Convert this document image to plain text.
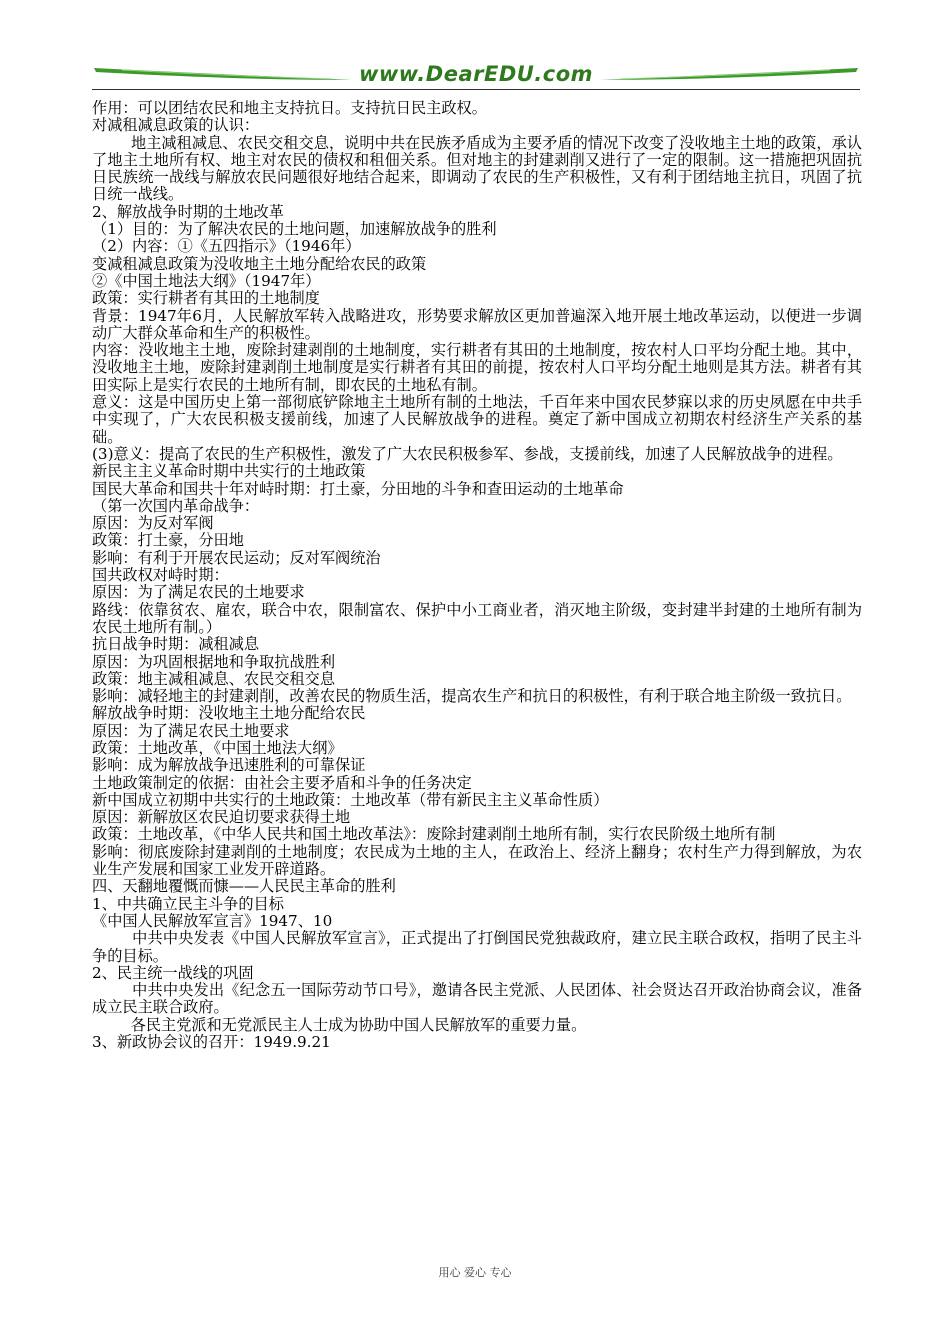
www.DearEDU.com
作用：可以团结农民和地主支持抗日。支持抗日民主政权。
对减租减息政策的认识：
地主减租减息、农民交租交息，说明中共在民族矛盾成为主要矛盾的情况下改变了没收地主土地的政策，承认了地主土地所有权、地主对农民的债权和租佃关系。但对地主的封建剥削又进行了一定的限制。这一措施把巩固抗日民族统一战线与解放农民问题很好地结合起来，即调动了农民的生产积极性，又有利于团结地主抗日，巩固了抗日统一战线。
2、解放战争时期的土地改革
（1）目的：为了解决农民的土地问题，加速解放战争的胜利
（2）内容：①《五四指示》（1946年）
变减租减息政策为没收地主土地分配给农民的政策
②《中国土地法大纲》（1947年）
政策：实行耕者有其田的土地制度
背景：1947年6月，人民解放军转入战略进攻，形势要求解放区更加普遍深入地开展土地改革运动，以便进一步调动广大群众革命和生产的积极性。
内容：没收地主土地，废除封建剥削的土地制度，实行耕者有其田的土地制度，按农村人口平均分配土地。其中，没收地主土地，废除封建剥削土地制度是实行耕者有其田的前提，按农村人口平均分配土地则是其方法。耕者有其田实际上是实行农民的土地所有制，即农民的土地私有制。
意义：这是中国历史上第一部彻底铲除地主土地所有制的土地法，千百年来中国农民梦寐以求的历史夙愿在中共手中实现了，广大农民积极支援前线，加速了人民解放战争的进程。奠定了新中国成立初期农村经济生产关系的基础。
(3)意义：提高了农民的生产积极性，激发了广大农民积极参军、参战，支援前线，加速了人民解放战争的进程。
新民主主义革命时期中共实行的土地政策
国民大革命和国共十年对峙时期：打土豪，分田地的斗争和查田运动的土地革命
（第一次国内革命战争：
原因：为反对军阀
政策：打土豪，分田地
影响：有利于开展农民运动；反对军阀统治
国共政权对峙时期：
原因：为了满足农民的土地要求
路线：依靠贫农、雇农，联合中农，限制富农、保护中小工商业者，消灭地主阶级，变封建半封建的土地所有制为农民土地所有制。）
抗日战争时期：减租减息
原因：为巩固根据地和争取抗战胜利
政策：地主减租减息、农民交租交息
影响：减轻地主的封建剥削，改善农民的物质生活，提高农生产和抗日的积极性，有利于联合地主阶级一致抗日。
解放战争时期：没收地主土地分配给农民
原因：为了满足农民土地要求
政策：土地改革，《中国土地法大纲》
影响：成为解放战争迅速胜利的可靠保证
土地政策制定的依据：由社会主要矛盾和斗争的任务决定
新中国成立初期中共实行的土地政策：土地改革（带有新民主主义革命性质）
原因：新解放区农民迫切要求获得土地
政策：土地改革，《中华人民共和国土地改革法》：废除封建剥削土地所有制，实行农民阶级土地所有制
影响：彻底废除封建剥削的土地制度；农民成为土地的主人，在政治上、经济上翻身；农村生产力得到解放，为农业生产发展和国家工业发开辟道路。
四、天翻地覆慨而慷——人民民主革命的胜利
1、中共确立民主斗争的目标
《中国人民解放军宣言》1947、10
中共中央发表《中国人民解放军宣言》，正式提出了打倒国民党独裁政府，建立民主联合政权，指明了民主斗争的目标。
2、民主统一战线的巩固
中共中央发出《纪念五一国际劳动节口号》，邀请各民主党派、人民团体、社会贤达召开政治协商会议，准备成立民主联合政府。
各民主党派和无党派民主人士成为协助中国人民解放军的重要力量。
3、新政协会议的召开：1949.9.21
用心 爱心 专心
